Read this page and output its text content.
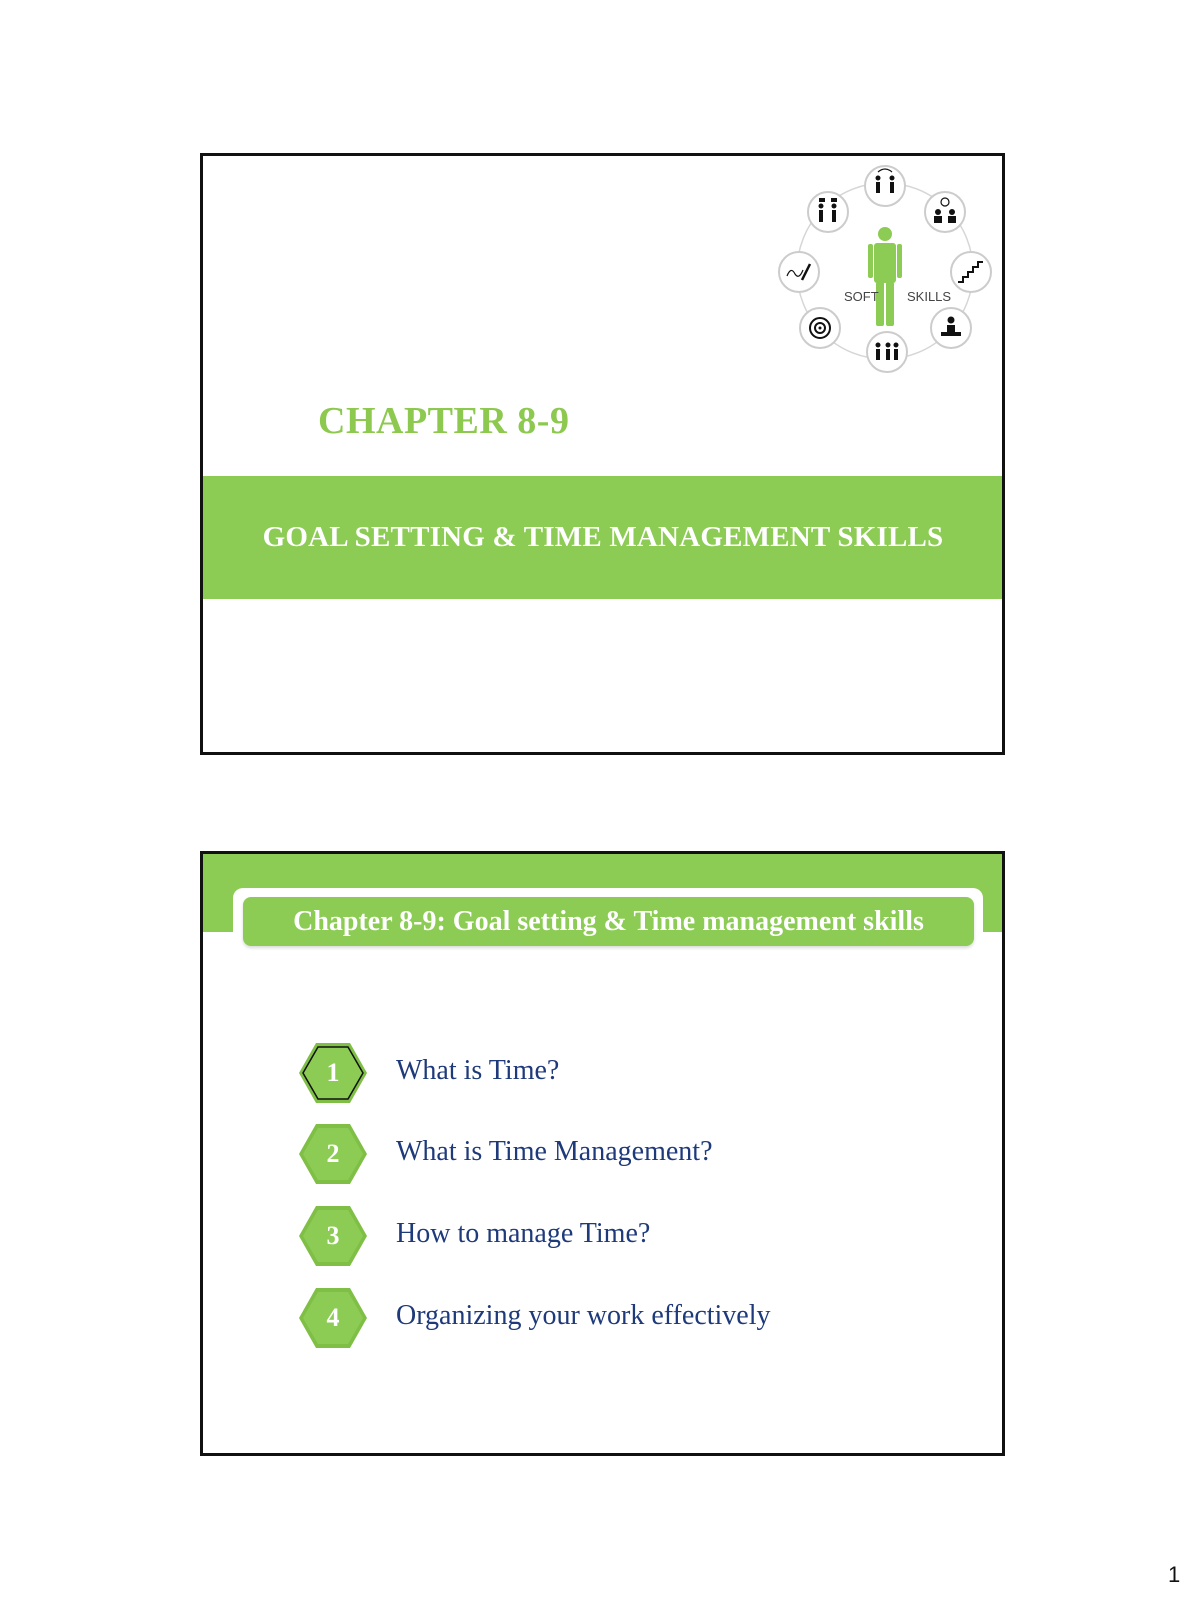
SOFT SKILLS
CHAPTER 8-9
GOAL SETTING & TIME MANAGEMENT SKILLS
Chapter 8-9: Goal setting & Time management skills
1	What is Time?
2	What is Time Management?
3	How to manage Time?
4	Organizing your work effectively
1
